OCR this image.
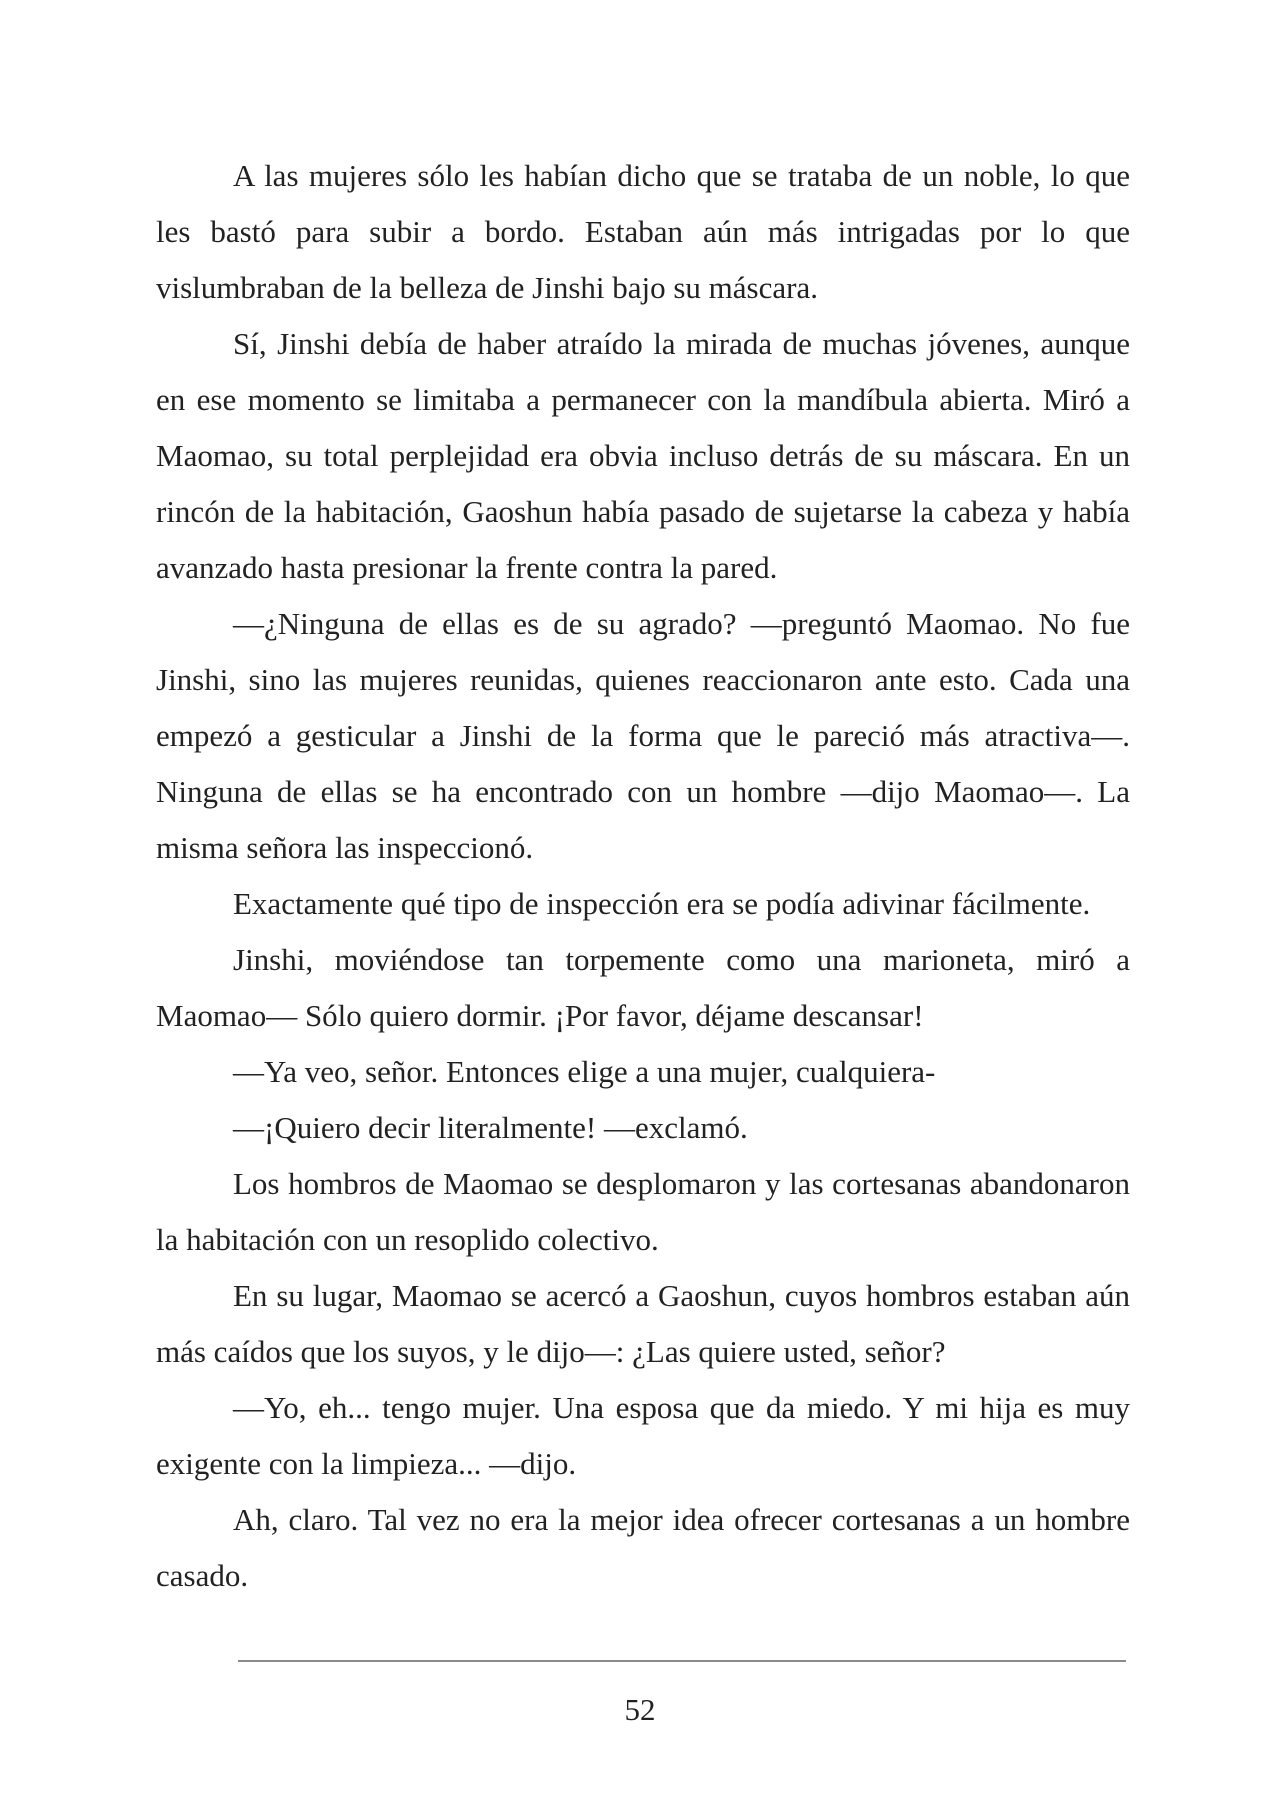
A las mujeres sólo les habían dicho que se trataba de un noble, lo que les bastó para subir a bordo. Estaban aún más intrigadas por lo que vislumbraban de la belleza de Jinshi bajo su máscara.

Sí, Jinshi debía de haber atraído la mirada de muchas jóvenes, aunque en ese momento se limitaba a permanecer con la mandíbula abierta. Miró a Maomao, su total perplejidad era obvia incluso detrás de su máscara. En un rincón de la habitación, Gaoshun había pasado de sujetarse la cabeza y había avanzado hasta presionar la frente contra la pared.

—¿Ninguna de ellas es de su agrado? —preguntó Maomao. No fue Jinshi, sino las mujeres reunidas, quienes reaccionaron ante esto. Cada una empezó a gesticular a Jinshi de la forma que le pareció más atractiva—. Ninguna de ellas se ha encontrado con un hombre —dijo Maomao—. La misma señora las inspeccionó.

Exactamente qué tipo de inspección era se podía adivinar fácilmente.

Jinshi, moviéndose tan torpemente como una marioneta, miró a Maomao— Sólo quiero dormir. ¡Por favor, déjame descansar!

—Ya veo, señor. Entonces elige a una mujer, cualquiera-

—¡Quiero decir literalmente! —exclamó.

Los hombros de Maomao se desplomaron y las cortesanas abandonaron la habitación con un resoplido colectivo.

En su lugar, Maomao se acercó a Gaoshun, cuyos hombros estaban aún más caídos que los suyos, y le dijo—: ¿Las quiere usted, señor?

—Yo, eh... tengo mujer. Una esposa que da miedo. Y mi hija es muy exigente con la limpieza... —dijo.

Ah, claro. Tal vez no era la mejor idea ofrecer cortesanas a un hombre casado.

52
